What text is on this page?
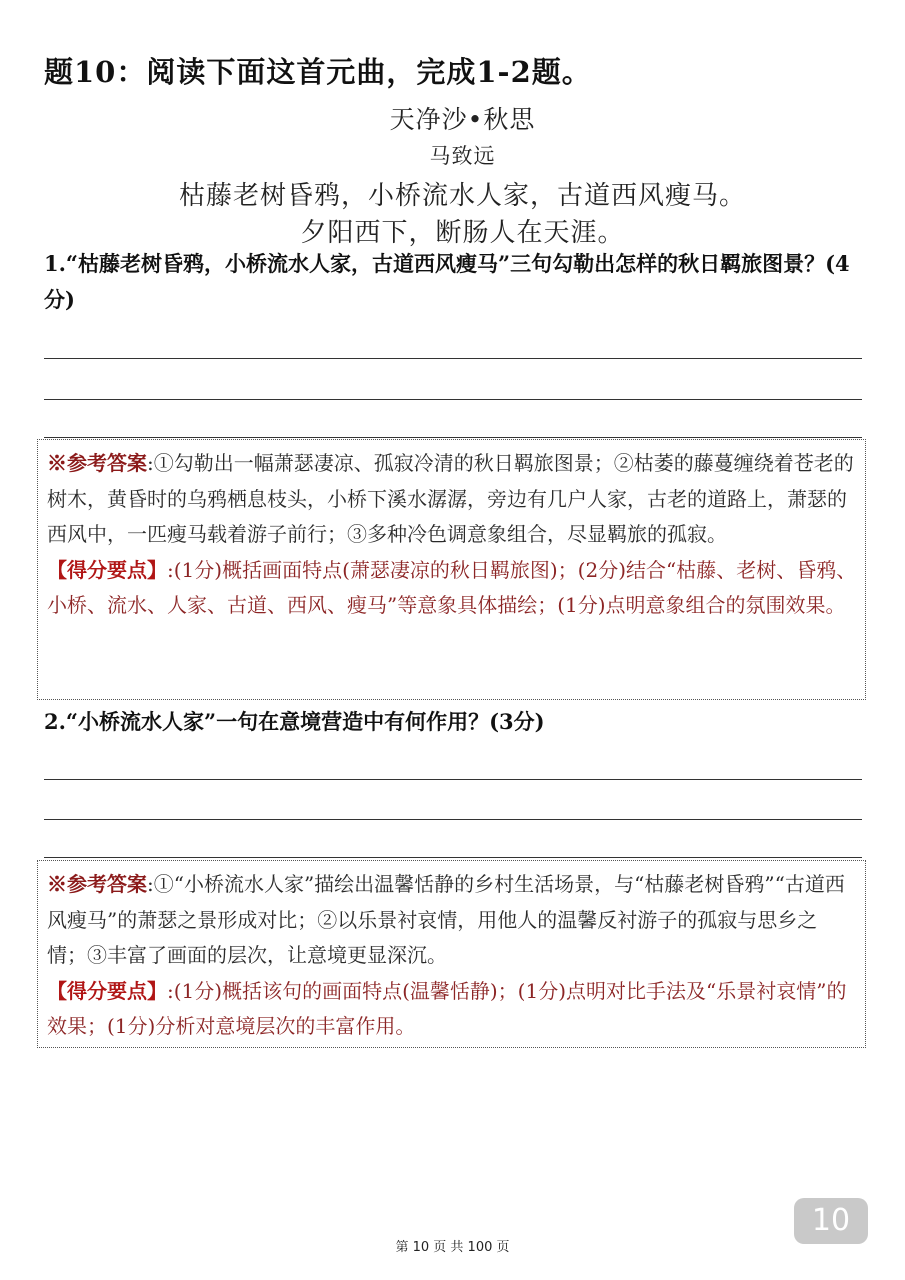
题10：阅读下面这首元曲，完成1-2题。
天净沙•秋思
马致远
枯藤老树昏鸦，小桥流水人家，古道西风瘦马。
夕阳西下，断肠人在天涯。
1.“枯藤老树昏鸦，小桥流水人家，古道西风瘦马”三句勾勒出怎样的秋日羁旅图景？(4分)
※参考答案:①勾勒出一幅萧瑟凄凉、孤寂冷清的秋日羁旅图景；②枯萎的藤蔓缠绕着苍老的树木，黄昏时的乌鸦栖息枝头，小桥下溪水潺潺，旁边有几户人家，古老的道路上，萧瑟的西风中，一匹瘦马载着游子前行；③多种冷色调意象组合，尽显羁旅的孤寂。
【得分要点】:(1分)概括画面特点(萧瑟凄凉的秋日羁旅图)；(2分)结合“枯藤、老树、昏鸦、小桥、流水、人家、古道、西风、瘦马”等意象具体描绘；(1分)点明意象组合的氛围效果。
2.“小桥流水人家”一句在意境营造中有何作用？(3分)
※参考答案:①“小桥流水人家”描绘出温馨恬静的乡村生活场景，与“枯藤老树昏鸦”“古道西风瘦马”的萧瑟之景形成对比；②以乐景衬哀情，用他人的温馨反衬游子的孤寂与思乡之情；③丰富了画面的层次，让意境更显深沉。
【得分要点】:(1分)概括该句的画面特点(温馨恬静)；(1分)点明对比手法及“乐景衬哀情”的效果；(1分)分析对意境层次的丰富作用。
10
第 10 页 共 100 页
